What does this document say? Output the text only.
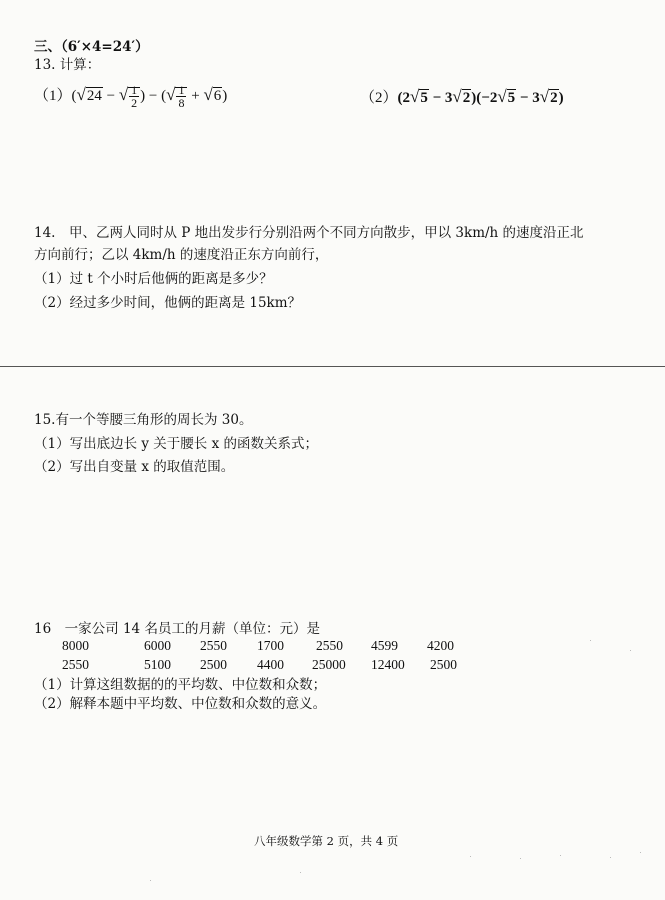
三、（6′×4=24′）
13. 计算：
（1）(√24 − √ $\frac{1}{2}$ ) − (√ $\frac{1}{8} + √6$)	（2）(2√5 − 3√2)(−2√5 − 3√2)
14.　甲、乙两人同时从 P 地出发步行分别沿两个不同方向散步，甲以 3km/h 的速度沿正北
方向前行；乙以 4km/h 的速度沿正东方向前行，
（1）过 t 个小时后他俩的距离是多少？
（2）经过多少时间，他俩的距离是 15km？
15.有一个等腰三角形的周长为 30。
（1）写出底边长 y 关于腰长 x 的函数关系式；
（2）写出自变量 x 的取值范围。
16　一家公司 14 名员工的月薪（单位：元）是
8000	6000 2550 1700 2550 4599 4200
2550	5100 2500 4400 25000 12400 2500
（1）计算这组数据的的平均数、中位数和众数；
（2）解释本题中平均数、中位数和众数的意义。
八年级数学第 2 页，共 4 页
